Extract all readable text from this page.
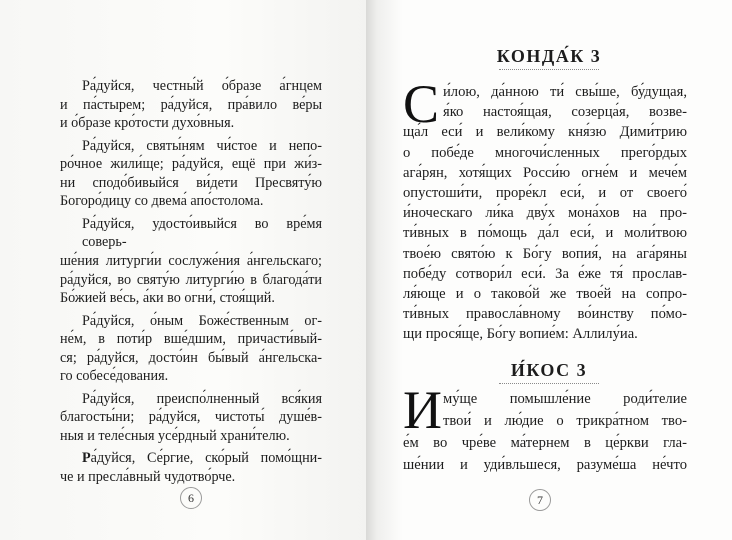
Ра́дуйся, честны́й о́бразе а́гнцем
и па́стырем; ра́дуйся, пра́вило ве́ры
и о́бразе кро́тости духо́вныя.
Ра́дуйся, святы́ням чи́стое и непо-
ро́чное жили́ще; ра́дуйся, ещё при жи́з-
ни сподо́бивыйся ви́дети Пресвяту́ю
Богоро́дицу со двема́ апо́столома.
Ра́дуйся, удосто́ивыйся во вре́мя соверь-
ше́ния литурги́и сослуже́ния а́нгельскаго;
ра́дуйся, во святу́ю литурги́ю в благода́ти
Бо́жией ве́сь, а́ки во огни́, стоя́щий.
Ра́дуйся, о́ным Боже́ственным ог-
не́м, в поти́р вше́дшим, причасти́вый-
ся; ра́дуйся, досто́ин бы́вый а́нгельска-
го собесе́дования.
Ра́дуйся, преиспо́лненный вся́кия
благосты́ни; ра́дуйся, чистоты́ душе́в-
ныя и теле́сныя усе́рдный храни́телю.
Ра́дуйся, Се́ргие, ско́рый помо́щни-
че и пресла́вный чудотво́рче.
6
КОНДА́К 3
С и́лою, да́нною ти́ свы́ше, бу́дущая,
я́ко настоя́щая, созерца́я, возве-
ща́л еси́ и вели́кому кня́зю Дими́трию
о побе́де многочи́сленных прего́рдых
ага́рян, хотя́щих Росси́ю огне́м и мече́м
опустоши́ти, проре́кл еси́, и от своего́
и́ноческаго ли́ка дву́х мона́хов на про-
ти́вных в по́мощь да́л еси́, и моли́твою
твое́ю свято́ю к Бо́гу вопия́, на ага́ряны
побе́ду сотвори́л еси́. За е́же тя́ прослав-
ля́юще и о таково́й же твое́й на сопро-
ти́вных правосла́вному во́инству по́мо-
щи прося́ще, Бо́гу вопие́м: Аллилу́иа.
И́КОС 3
И му́ще помышле́ние роди́телие
твои́ и лю́дие о трикра́тном тво-
е́м во чре́ве ма́тернем в це́ркви гла-
ше́нии и уди́вльшеся, разуме́ша не́что
7
